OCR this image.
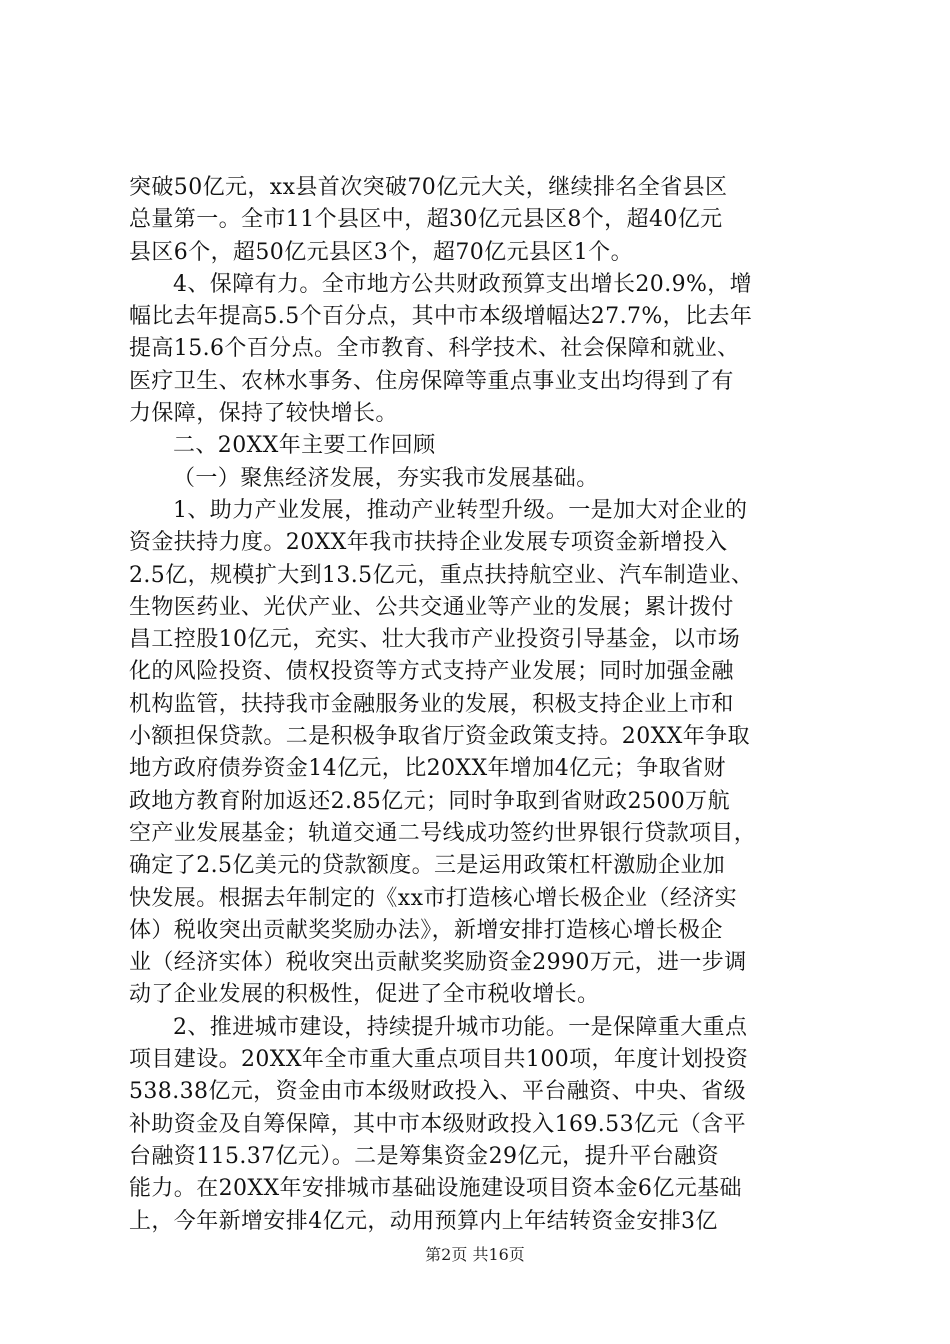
突破50亿元，xx县首次突破70亿元大关，继续排名全省县区
总量第一。全市11个县区中，超30亿元县区8个，超40亿元
县区6个，超50亿元县区3个，超70亿元县区1个。
4、保障有力。全市地方公共财政预算支出增长20.9%，增
幅比去年提高5.5个百分点，其中市本级增幅达27.7%，比去年
提高15.6个百分点。全市教育、科学技术、社会保障和就业、
医疗卫生、农林水事务、住房保障等重点事业支出均得到了有
力保障，保持了较快增长。
二、20XX年主要工作回顾
（一）聚焦经济发展，夯实我市发展基础。
1、助力产业发展，推动产业转型升级。一是加大对企业的
资金扶持力度。20XX年我市扶持企业发展专项资金新增投入
2.5亿，规模扩大到13.5亿元，重点扶持航空业、汽车制造业、
生物医药业、光伏产业、公共交通业等产业的发展；累计拨付
昌工控股10亿元，充实、壮大我市产业投资引导基金，以市场
化的风险投资、债权投资等方式支持产业发展；同时加强金融
机构监管，扶持我市金融服务业的发展，积极支持企业上市和
小额担保贷款。二是积极争取省厅资金政策支持。20XX年争取
地方政府债券资金14亿元，比20XX年增加4亿元；争取省财
政地方教育附加返还2.85亿元；同时争取到省财政2500万航
空产业发展基金；轨道交通二号线成功签约世界银行贷款项目，
确定了2.5亿美元的贷款额度。三是运用政策杠杆激励企业加
快发展。根据去年制定的《xx市打造核心增长极企业（经济实
体）税收突出贡献奖奖励办法》，新增安排打造核心增长极企
业（经济实体）税收突出贡献奖奖励资金2990万元，进一步调
动了企业发展的积极性，促进了全市税收增长。
2、推进城市建设，持续提升城市功能。一是保障重大重点
项目建设。20XX年全市重大重点项目共100项，年度计划投资
538.38亿元，资金由市本级财政投入、平台融资、中央、省级
补助资金及自筹保障，其中市本级财政投入169.53亿元（含平
台融资115.37亿元）。二是筹集资金29亿元，提升平台融资
能力。在20XX年安排城市基础设施建设项目资本金6亿元基础
上，今年新增安排4亿元，动用预算内上年结转资金安排3亿
第2页 共16页
